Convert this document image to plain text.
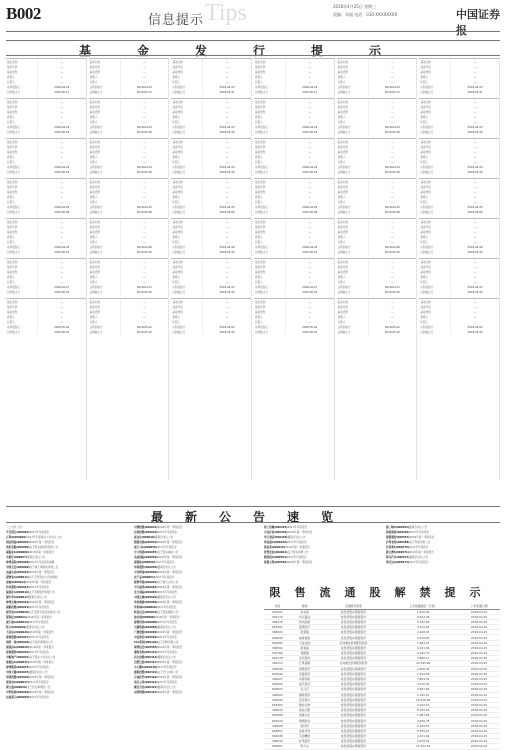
B002	信息提示 Tips	2018年4月25日 星期三
责编：刘丽 电话：010-XXXXXXXX	中国证券报
基金发行提示
基金名称	—
基金代码	—
基金类型	—
管理人	—
托管人	—
认购起始日	2018-04-23
认购截止日	2018-05-11
基金名称	—
基金代码	—
基金类型	—
管理人	—
托管人	—
认购起始日	2018-04-23
认购截止日	2018-05-18
基金名称	—
基金代码	—
基金类型	—
管理人	—
托管人	—
认购起始日	2018-04-24
认购截止日	2018-05-18
基金名称	—
基金代码	—
基金类型	—
管理人	—
托管人	—
认购起始日	2018-04-25
认购截止日	2018-05-08
基金名称	—
基金代码	—
基金类型	—
管理人	—
托管人	—
认购起始日	2018-04-26
认购截止日	2018-05-15
基金名称	—
基金代码	—
基金类型	—
管理人	—
托管人	—
认购起始日	2018-04-27
认购截止日	2018-05-25
基金名称	—
基金代码	—
基金类型	—
管理人	—
托管人	—
认购起始日	2018-05-02
认购截止日	2018-05-22
基金名称	—
基金代码	—
基金类型	—
管理人	—
托管人	—
认购起始日	2018-04-23
认购截止日	2018-05-11
基金名称	—
基金代码	—
基金类型	—
管理人	—
托管人	—
认购起始日	2018-04-23
认购截止日	2018-05-18
基金名称	—
基金代码	—
基金类型	—
管理人	—
托管人	—
认购起始日	2018-04-24
认购截止日	2018-05-18
基金名称	—
基金代码	—
基金类型	—
管理人	—
托管人	—
认购起始日	2018-04-25
认购截止日	2018-05-08
基金名称	—
基金代码	—
基金类型	—
管理人	—
托管人	—
认购起始日	2018-04-26
认购截止日	2018-05-15
基金名称	—
基金代码	—
基金类型	—
管理人	—
托管人	—
认购起始日	2018-04-27
认购截止日	2018-05-25
基金名称	—
基金代码	—
基金类型	—
管理人	—
托管人	—
认购起始日	2018-05-02
认购截止日	2018-05-22
基金名称	—
基金代码	—
基金类型	—
管理人	—
托管人	—
认购起始日	2018-04-23
认购截止日	2018-05-11
基金名称	—
基金代码	—
基金类型	—
管理人	—
托管人	—
认购起始日	2018-04-23
认购截止日	2018-05-18
基金名称	—
基金代码	—
基金类型	—
管理人	—
托管人	—
认购起始日	2018-04-24
认购截止日	2018-05-18
基金名称	—
基金代码	—
基金类型	—
管理人	—
托管人	—
认购起始日	2018-04-25
认购截止日	2018-05-08
基金名称	—
基金代码	—
基金类型	—
管理人	—
托管人	—
认购起始日	2018-04-26
认购截止日	2018-05-15
基金名称	—
基金代码	—
基金类型	—
管理人	—
托管人	—
认购起始日	2018-04-27
认购截止日	2018-05-25
基金名称	—
基金代码	—
基金类型	—
管理人	—
托管人	—
认购起始日	2018-05-02
认购截止日	2018-05-22
基金名称	—
基金代码	—
基金类型	—
管理人	—
托管人	—
认购起始日	2018-04-23
认购截止日	2018-05-11
基金名称	—
基金代码	—
基金类型	—
管理人	—
托管人	—
认购起始日	2018-04-23
认购截止日	2018-05-18
基金名称	—
基金代码	—
基金类型	—
管理人	—
托管人	—
认购起始日	2018-04-24
认购截止日	2018-05-18
基金名称	—
基金代码	—
基金类型	—
管理人	—
托管人	—
认购起始日	2018-04-25
认购截止日	2018-05-08
基金名称	—
基金代码	—
基金类型	—
管理人	—
托管人	—
认购起始日	2018-04-26
认购截止日	2018-05-15
基金名称	—
基金代码	—
基金类型	—
管理人	—
托管人	—
认购起始日	2018-04-27
认购截止日	2018-05-25
基金名称	—
基金代码	—
基金类型	—
管理人	—
托管人	—
认购起始日	2018-05-02
认购截止日	2018-05-22
基金名称	—
基金代码	—
基金类型	—
管理人	—
托管人	—
认购起始日	2018-04-23
认购截止日	2018-05-11
基金名称	—
基金代码	—
基金类型	—
管理人	—
托管人	—
认购起始日	2018-04-23
认购截止日	2018-05-18
基金名称	—
基金代码	—
基金类型	—
管理人	—
托管人	—
认购起始日	2018-04-24
认购截止日	2018-05-18
基金名称	—
基金代码	—
基金类型	—
管理人	—
托管人	—
认购起始日	2018-04-25
认购截止日	2018-05-08
基金名称	—
基金代码	—
基金类型	—
管理人	—
托管人	—
认购起始日	2018-04-26
认购截止日	2018-05-15
基金名称	—
基金代码	—
基金类型	—
管理人	—
托管人	—
认购起始日	2018-04-27
认购截止日	2018-05-25
基金名称	—
基金代码	—
基金类型	—
管理人	—
托管人	—
认购起始日	2018-05-02
认购截止日	2018-05-22
基金名称	—
基金代码	—
基金类型	—
管理人	—
托管人	—
认购起始日	2018-04-23
认购截止日	2018-05-11
基金名称	—
基金代码	—
基金类型	—
管理人	—
托管人	—
认购起始日	2018-04-23
认购截止日	2018-05-18
基金名称	—
基金代码	—
基金类型	—
管理人	—
托管人	—
认购起始日	2018-04-24
认购截止日	2018-05-18
基金名称	—
基金代码	—
基金类型	—
管理人	—
托管人	—
认购起始日	2018-04-25
认购截止日	2018-05-08
基金名称	—
基金代码	—
基金类型	—
管理人	—
托管人	—
认购起始日	2018-04-26
认购截止日	2018-05-15
基金名称	—
基金代码	—
基金类型	—
管理人	—
托管人	—
认购起始日	2018-04-27
认购截止日	2018-05-25
基金名称	—
基金代码	—
基金类型	—
管理人	—
托管人	—
认购起始日	2018-05-02
认购截止日	2018-05-22
最新公告速览
（上交所公告）
平安银行(000001)2017年年度报告
万科A(000002)2017年年度股东大会决议公告
国农科技(000004)2018年第一季度报告
世纪星源(000005)关于股东减持股份的公告
深振业A(000006)2018年第一季度报告
全新好(000007)董事会决议公告
神州高铁(000008)2017年年度报告摘要
中国宝安(000009)关于重大事项的进展公告
美丽生态(000010)2018年第一季度报告
深物业A(000011)关于召开股东大会的通知
南玻A(000012)2018年第一季度报告
沙河股份(000014)2017年年度报告
深康佳A(000016)关于回购股份进展公告
深中华A(000017)董事会决议公告
神州长城(000018)2018年第一季度报告
深粮控股(000019)2017年年度报告
深华发A(000020)关于股票交易异常波动公告
深科技(000021)2018年第一季度报告
深天地A(000023)2017年年度报告
特力A(000025)董事会决议公告
飞亚达A(000026)2018年第一季度报告
深圳能源(000027)2017年年度报告
国药一致(000028)关于担保事项的公告
深深房A(000029)2018年第一季度报告
富奥股份(000030)2017年年度报告
中粮地产(000031)关于股东大会决议公告
深桑达A(000032)2018年第一季度报告
神州数码(000034)2017年年度报告
中国天楹(000035)董事会决议公告
华联控股(000036)2018年第一季度报告
深南电A(000037)2017年年度报告
深大通(000038)关于诉讼事项的公告
中集集团(000039)2018年第一季度报告
东旭蓝天(000040)2017年年度报告
中洲控股(000042)2018年第一季度报告
泛海控股(000046)2017年年度报告
康达尔(000048)董事会决议公告
德赛电池(000049)2018年第一季度报告
深天马A(000050)2017年年度报告
方大集团(000055)关于股东减持公告
皇庭国际(000056)2018年第一季度报告
深赛格(000058)2017年年度报告
华锦股份(000059)董事会决议公告
中金岭南(000060)2018年第一季度报告
农产品(000061)2017年年度报告
深圳华强(000062)关于重大合同公告
中兴通讯(000063)2018年第一季度报告
北方国际(000065)2017年年度报告
中国长城(000066)董事会决议公告
华控赛格(000068)2018年第一季度报告
华侨城A(000069)2017年年度报告
特发信息(000070)关于股权激励公告
盐田港(000088)2018年第一季度报告
深圳机场(000089)2017年年度报告
天健集团(000090)董事会决议公告
广聚能源(000096)2018年第一季度报告
中信海直(000099)2017年年度报告
TCL集团(000100)关于回购进展公告
神州信息(000555)2018年第一季度报告
渤海金控(000415)2017年年度报告
民生控股(000416)董事会决议公告
合肥百货(000417)2018年第一季度报告
小天鹅A(000418)2017年年度报告
通程控股(000419)关于分红实施公告
吉林化纤(000420)2018年第一季度报告
南京公用(000421)2017年年度报告
湖北宜化(000422)董事会决议公告
东阿阿胶(000423)2018年第一季度报告
徐工机械(000425)2017年年度报告
兴业矿业(000426)2018年第一季度报告
华天酒店(000428)董事会决议公告
粤高速A(000429)2017年年度报告
张家界(000430)2018年第一季度报告
智慧农业(000816)关于股东质押公告
陕国投A(000563)2017年年度报告
供销大集(000564)2018年第一季度报告
渝三峡A(000565)董事会决议公告
海南海药(000566)2017年年度报告
海德股份(000567)2018年第一季度报告
泸州老窖(000568)关于利润分配公告
苏常柴A(000570)2017年年度报告
新大洲A(000571)2018年第一季度报告
海马汽车(000572)董事会决议公告
粤宏远A(000573)2017年年度报告
限售流通股解禁提示
代码	简称	流通股份类型	上市流通数量（万股）	上市流通日期
002251	步步高	首发原股东限售股份	1,876.00	2018-04-25
002772	众兴菌业	首发原股东限售股份	8,524.30	2018-04-25
300478	杭州高新	首发原股东限售股份	5,342.80	2018-04-25
603301	振德医疗	首发原股东限售股份	3,215.60	2018-04-25
300629	新劲刚	首发原股东限售股份	2,108.45	2018-04-25
002849	威星智能	首发原股东限售股份	4,210.00	2018-04-25
603085	天成自控	定向增发机构配售股份	1,564.23	2018-04-25
300502	新易盛	首发原股东限售股份	6,321.00	2018-04-25
002769	普路通	首发原股东限售股份	9,145.70	2018-04-25
603178	圣龙股份	首发原股东限售股份	3,890.12	2018-04-25
300413	芒果超媒	定向增发机构配售股份	12,345.00	2018-04-25
002838	道恩股份	首发原股东限售股份	2,456.30	2018-04-25
603090	宏盛股份	首发原股东限售股份	1,234.56	2018-04-25
300627	华测导航	首发原股东限售股份	7,654.32	2018-04-25
002856	美芝股份	首发原股东限售股份	3,210.00	2018-04-25
603823	百合花	首发原股东限售股份	4,567.89	2018-04-25
300600	瑞特股份	首发原股东限售股份	2,345.67	2018-04-25
002839	张家港行	首发原股东限售股份	15,678.90	2018-04-25
603363	傲农生物	首发原股东限售股份	5,432.10	2018-04-25
300616	尚品宅配	首发原股东限售股份	8,765.43	2018-04-25
002868	绿康生化	首发原股东限售股份	1,987.65	2018-04-25
603229	奥翔药业	首发原股东限售股份	3,456.78	2018-04-25
300608	思特奇	首发原股东限售股份	2,109.87	2018-04-25
002851	麦格米特	首发原股东限售股份	6,789.01	2018-04-25
603638	艾迪精密	首发原股东限售股份	4,321.09	2018-04-25
300634	彩讯股份	首发原股东限售股份	2,876.54	2018-04-25
002867	周大生	首发原股东限售股份	11,223.34	2018-04-25
